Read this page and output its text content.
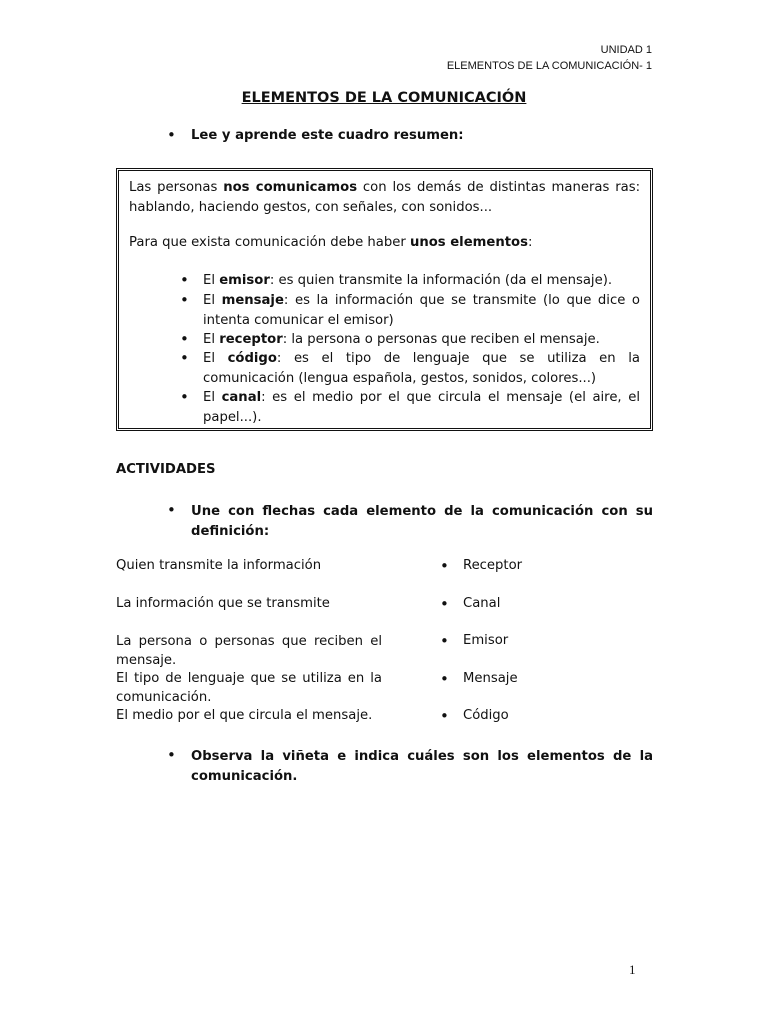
UNIDAD 1
ELEMENTOS DE LA COMUNICACIÓN- 1
ELEMENTOS DE LA COMUNICACIÓN
• Lee y aprende este cuadro resumen:
Las personas nos comunicamos con los demás de distintas maneras ras: hablando, haciendo gestos, con señales, con sonidos...
Para que exista comunicación debe haber unos elementos:
• El emisor: es quien transmite la información (da el mensaje).
• El mensaje: es la información que se transmite (lo que dice o intenta comunicar el emisor)
• El receptor: la persona o personas que reciben el mensaje.
• El código: es el tipo de lenguaje que se utiliza en la comunicación (lengua española, gestos, sonidos, colores...)
• El canal: es el medio por el que circula el mensaje (el aire, el papel...).
ACTIVIDADES
• Une con flechas cada elemento de la comunicación con su definición:
Quien transmite la información
La información que se transmite
La persona o personas que reciben el mensaje.
El tipo de lenguaje que se utiliza en la comunicación.
El medio por el que circula el mensaje.
• Receptor
• Canal
• Emisor
• Mensaje
• Código
• Observa la viñeta e indica cuáles son los elementos de la comunicación.
1
